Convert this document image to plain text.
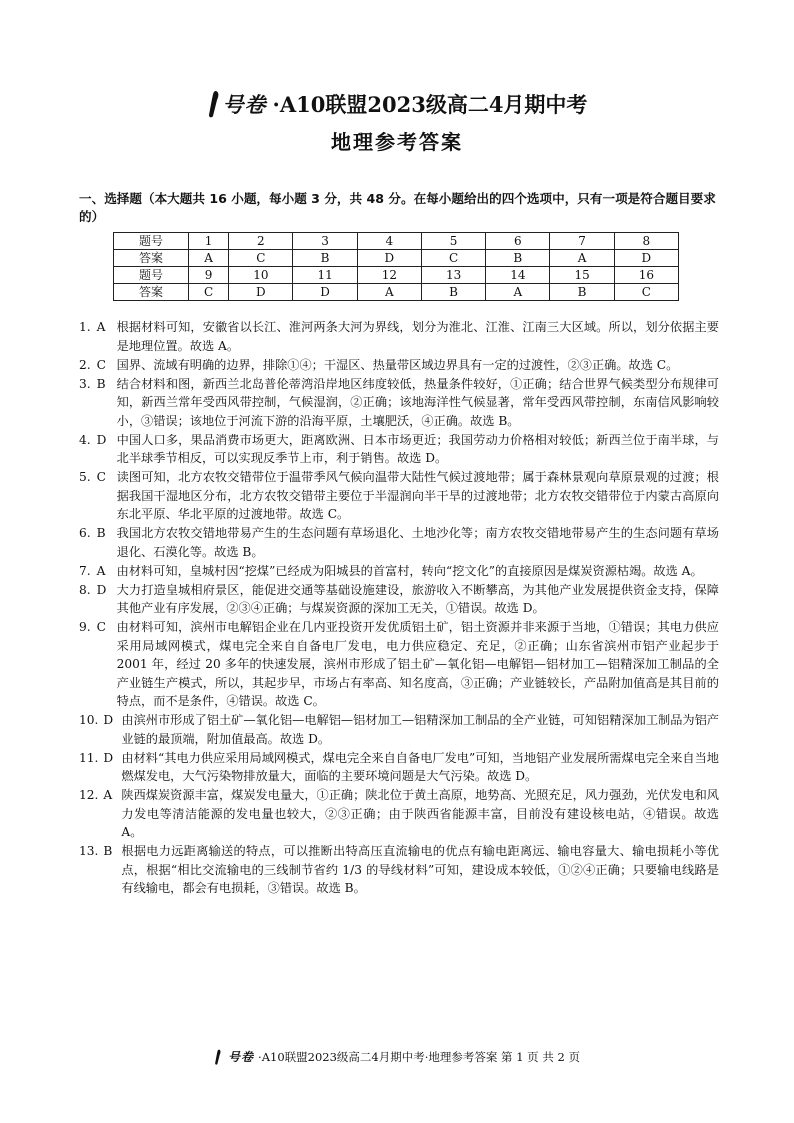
号卷 ·A10联盟2023级高二4月期中考
地理参考答案
一、选择题（本大题共 16 小题，每小题 3 分，共 48 分。在每小题给出的四个选项中，只有一项是符合题目要求的）
题号	1	2	3	4	5	6	7	8
答案	A	C	B	D	C	B	A	D
题号	9	10	11	12	13	14	15	16
答案	C	D	D	A	B	A	B	C
1. A 根据材料可知，安徽省以长江、淮河两条大河为界线，划分为淮北、江淮、江南三大区域。所以，划分依据主要是地理位置。故选 A。
2. C 国界、流域有明确的边界，排除①④；干湿区、热量带区域边界具有一定的过渡性，②③正确。故选 C。
3. B 结合材料和图，新西兰北岛普伦蒂湾沿岸地区纬度较低，热量条件较好，①正确；结合世界气候类型分布规律可知，新西兰常年受西风带控制，气候湿润，②正确；该地海洋性气候显著，常年受西风带控制，东南信风影响较小，③错误；该地位于河流下游的沿海平原，土壤肥沃，④正确。故选 B。
4. D 中国人口多，果品消费市场更大，距离欧洲、日本市场更近；我国劳动力价格相对较低；新西兰位于南半球，与北半球季节相反，可以实现反季节上市，利于销售。故选 D。
5. C 读图可知，北方农牧交错带位于温带季风气候向温带大陆性气候过渡地带；属于森林景观向草原景观的过渡；根据我国干湿地区分布，北方农牧交错带主要位于半湿润向半干旱的过渡地带；北方农牧交错带位于内蒙古高原向东北平原、华北平原的过渡地带。故选 C。
6. B 我国北方农牧交错地带易产生的生态问题有草场退化、土地沙化等；南方农牧交错地带易产生的生态问题有草场退化、石漠化等。故选 B。
7. A 由材料可知，皇城村因“挖煤”已经成为阳城县的首富村，转向“挖文化”的直接原因是煤炭资源枯竭。故选 A。
8. D 大力打造皇城相府景区，能促进交通等基础设施建设，旅游收入不断攀高，为其他产业发展提供资金支持，保障其他产业有序发展，②③④正确；与煤炭资源的深加工无关，①错误。故选 D。
9. C 由材料可知，滨州市电解铝企业在几内亚投资开发优质铝土矿，铝土资源并非来源于当地，①错误；其电力供应采用局域网模式，煤电完全来自自备电厂发电，电力供应稳定、充足，②正确；山东省滨州市铝产业起步于 2001 年，经过 20 多年的快速发展，滨州市形成了铝土矿—氧化铝—电解铝—铝材加工—铝精深加工制品的全产业链生产模式，所以，其起步早，市场占有率高、知名度高，③正确；产业链较长，产品附加值高是其目前的特点，而不是条件，④错误。故选 C。
10. D 由滨州市形成了铝土矿—氧化铝—电解铝—铝材加工—铝精深加工制品的全产业链，可知铝精深加工制品为铝产业链的最顶端，附加值最高。故选 D。
11. D 由材料“其电力供应采用局域网模式，煤电完全来自自备电厂发电”可知，当地铝产业发展所需煤电完全来自当地燃煤发电，大气污染物排放量大，面临的主要环境问题是大气污染。故选 D。
12. A 陕西煤炭资源丰富，煤炭发电量大，①正确；陕北位于黄土高原，地势高、光照充足，风力强劲，光伏发电和风力发电等清洁能源的发电量也较大，②③正确；由于陕西省能源丰富，目前没有建设核电站，④错误。故选 A。
13. B 根据电力远距离输送的特点，可以推断出特高压直流输电的优点有输电距离远、输电容量大、输电损耗小等优点，根据“相比交流输电的三线制节省约 1/3 的导线材料”可知，建设成本较低，①②④正确；只要输电线路是有线输电，都会有电损耗，③错误。故选 B。
号卷 ·A10联盟2023级高二4月期中考·地理参考答案 第 1 页 共 2 页
